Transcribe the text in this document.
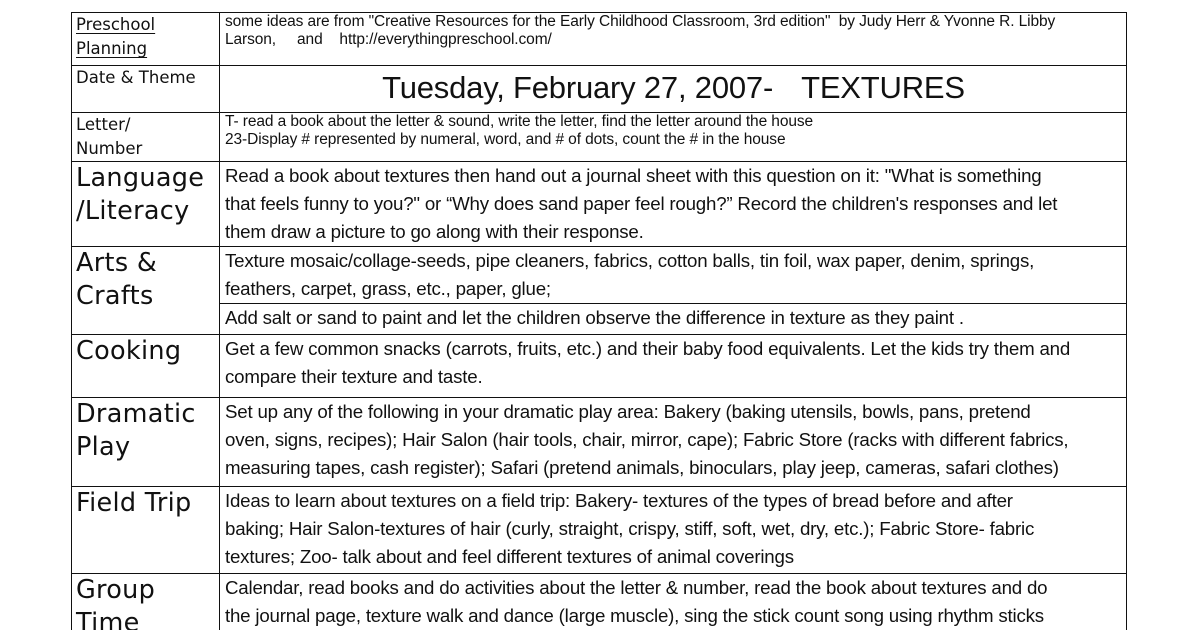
Preschool
Planning	some ideas are from "Creative Resources for the Early Childhood Classroom, 3rd edition"  by Judy Herr & Yvonne R. Libby
Larson,     and    http://everythingpreschool.com/

Date & Theme	Tuesday, February 27, 2007- TEXTURES

Letter/
Number	T- read a book about the letter & sound, write the letter, find the letter around the house
23-Display # represented by numeral, word, and # of dots, count the # in the house

Language
/Literacy	Read a book about textures then hand out a journal sheet with this question on it: "What is something
that feels funny to you?" or “Why does sand paper feel rough?” Record the children's responses and let
them draw a picture to go along with their response.

Arts &
Crafts	Texture mosaic/collage-seeds, pipe cleaners, fabrics, cotton balls, tin foil, wax paper, denim, springs,
feathers, carpet, grass, etc., paper, glue;

	Add salt or sand to paint and let the children observe the difference in texture as they paint .

Cooking	Get a few common snacks (carrots, fruits, etc.) and their baby food equivalents. Let the kids try them and
compare their texture and taste.

Dramatic
Play	Set up any of the following in your dramatic play area: Bakery (baking utensils, bowls, pans, pretend
oven, signs, recipes); Hair Salon (hair tools, chair, mirror, cape); Fabric Store (racks with different fabrics,
measuring tapes, cash register); Safari (pretend animals, binoculars, play jeep, cameras, safari clothes)

Field Trip	Ideas to learn about textures on a field trip: Bakery- textures of the types of bread before and after
baking; Hair Salon-textures of hair (curly, straight, crispy, stiff, soft, wet, dry, etc.); Fabric Store- fabric
textures; Zoo- talk about and feel different textures of animal coverings

Group
Time	Calendar, read books and do activities about the letter & number, read the book about textures and do
the journal page, texture walk and dance (large muscle), sing the stick count song using rhythm sticks
